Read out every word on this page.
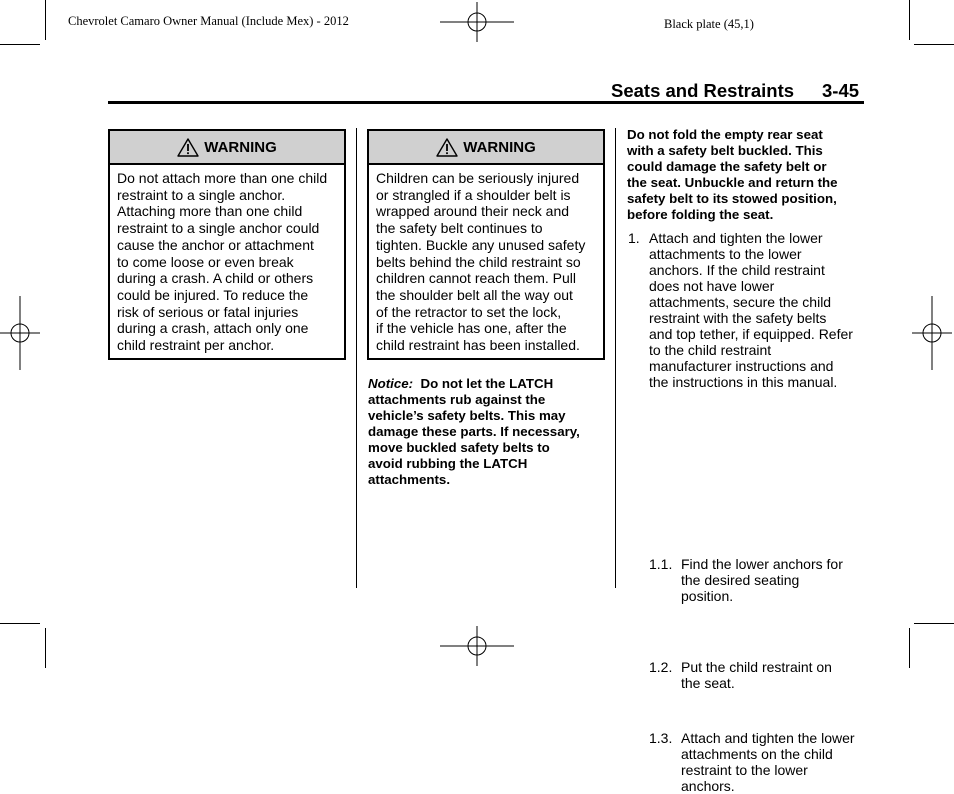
Chevrolet Camaro Owner Manual (Include Mex) - 2012	Black plate (45,1)
Seats and Restraints 3-45
WARNING
Do not attach more than one child
restraint to a single anchor.
Attaching more than one child
restraint to a single anchor could
cause the anchor or attachment
to come loose or even break
during a crash. A child or others
could be injured. To reduce the
risk of serious or fatal injuries
during a crash, attach only one
child restraint per anchor.
WARNING
Children can be seriously injured
or strangled if a shoulder belt is
wrapped around their neck and
the safety belt continues to
tighten. Buckle any unused safety
belts behind the child restraint so
children cannot reach them. Pull
the shoulder belt all the way out
of the retractor to set the lock,
if the vehicle has one, after the
child restraint has been installed.
Notice: Do not let the LATCH
attachments rub against the
vehicle’s safety belts. This may
damage these parts. If necessary,
move buckled safety belts to
avoid rubbing the LATCH
attachments.
Do not fold the empty rear seat
with a safety belt buckled. This
could damage the safety belt or
the seat. Unbuckle and return the
safety belt to its stowed position,
before folding the seat.
1. Attach and tighten the lower
attachments to the lower
anchors. If the child restraint
does not have lower
attachments, secure the child
restraint with the safety belts
and top tether, if equipped. Refer
to the child restraint
manufacturer instructions and
the instructions in this manual.
1.1. Find the lower anchors for
the desired seating
position.
1.2. Put the child restraint on
the seat.
1.3. Attach and tighten the lower
attachments on the child
restraint to the lower
anchors.
